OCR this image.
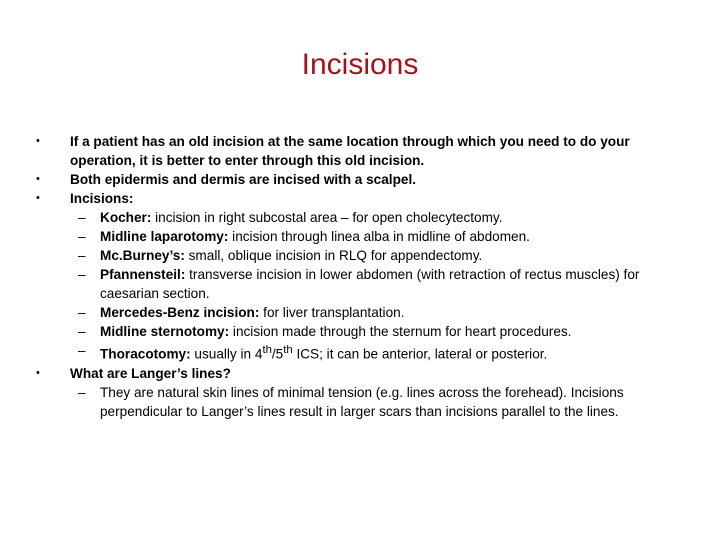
Incisions
•	If a patient has an old incision at the same location through which you need to do your operation, it is better to enter through this old incision.
•	Both epidermis and dermis are incised with a scalpel.
•	Incisions:
– Kocher: incision in right subcostal area – for open cholecytectomy.
– Midline laparotomy: incision through linea alba in midline of abdomen.
– Mc.Burney’s: small, oblique incision in RLQ for appendectomy.
– Pfannensteil: transverse incision in lower abdomen (with retraction of rectus muscles) for caesarian section.
– Mercedes-Benz incision: for liver transplantation.
– Midline sternotomy: incision made through the sternum for heart procedures.
– Thoracotomy: usually in 4th/5th ICS; it can be anterior, lateral or posterior.
•	What are Langer’s lines?
– They are natural skin lines of minimal tension (e.g. lines across the forehead). Incisions perpendicular to Langer’s lines result in larger scars than incisions parallel to the lines.
